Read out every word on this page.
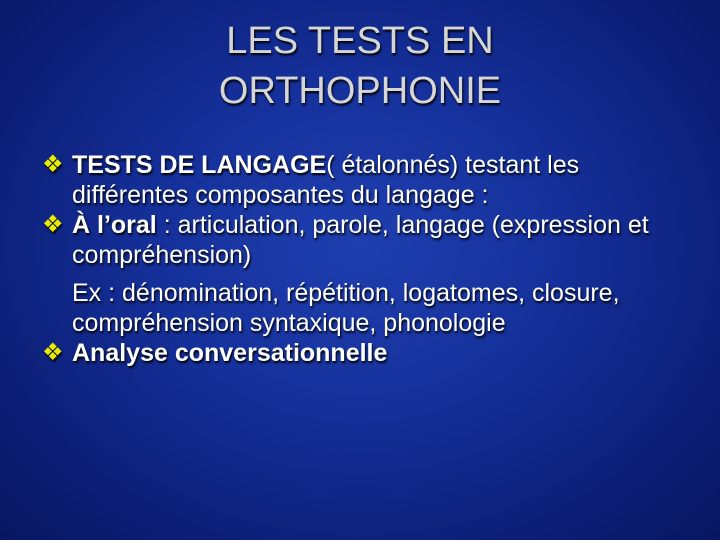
LES TESTS EN
ORTHOPHONIE
❖ TESTS DE LANGAGE( étalonnés) testant les différentes composantes du langage :
❖ À l’oral : articulation, parole, langage (expression et compréhension)
Ex : dénomination, répétition, logatomes, closure, compréhension syntaxique, phonologie
❖ Analyse conversationnelle
